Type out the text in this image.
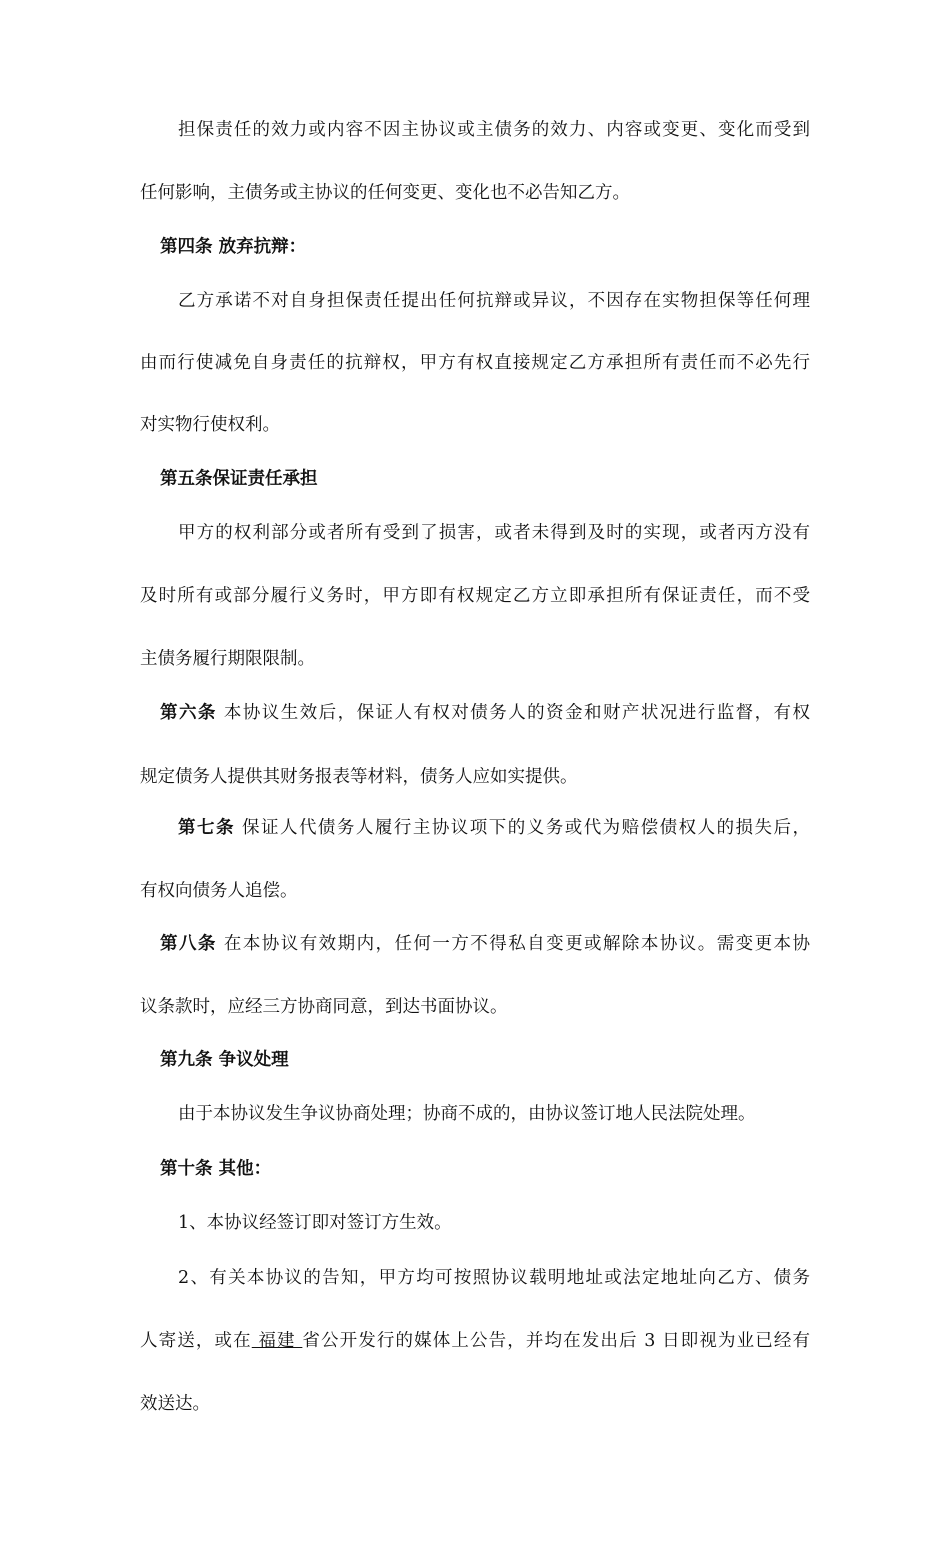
担保责任的效力或内容不因主协议或主债务的效力、内容或变更、变化而受到
任何影响，主债务或主协议的任何变更、变化也不必告知乙方。
第四条 放弃抗辩：
乙方承诺不对自身担保责任提出任何抗辩或异议，不因存在实物担保等任何理
由而行使减免自身责任的抗辩权，甲方有权直接规定乙方承担所有责任而不必先行
对实物行使权利。
第五条保证责任承担
甲方的权利部分或者所有受到了损害，或者未得到及时的实现，或者丙方没有
及时所有或部分履行义务时，甲方即有权规定乙方立即承担所有保证责任，而不受
主债务履行期限限制。
第六条 本协议生效后，保证人有权对债务人的资金和财产状况进行监督，有权
规定债务人提供其财务报表等材料，债务人应如实提供。
第七条 保证人代债务人履行主协议项下的义务或代为赔偿债权人的损失后，
有权向债务人追偿。
第八条 在本协议有效期内，任何一方不得私自变更或解除本协议。需变更本协
议条款时，应经三方协商同意，到达书面协议。
第九条 争议处理
由于本协议发生争议协商处理；协商不成的，由协议签订地人民法院处理。
第十条 其他：
1、本协议经签订即对签订方生效。
2、有关本协议的告知，甲方均可按照协议载明地址或法定地址向乙方、债务
人寄送，或在 福建 省公开发行的媒体上公告，并均在发出后 3 日即视为业已经有
效送达。
